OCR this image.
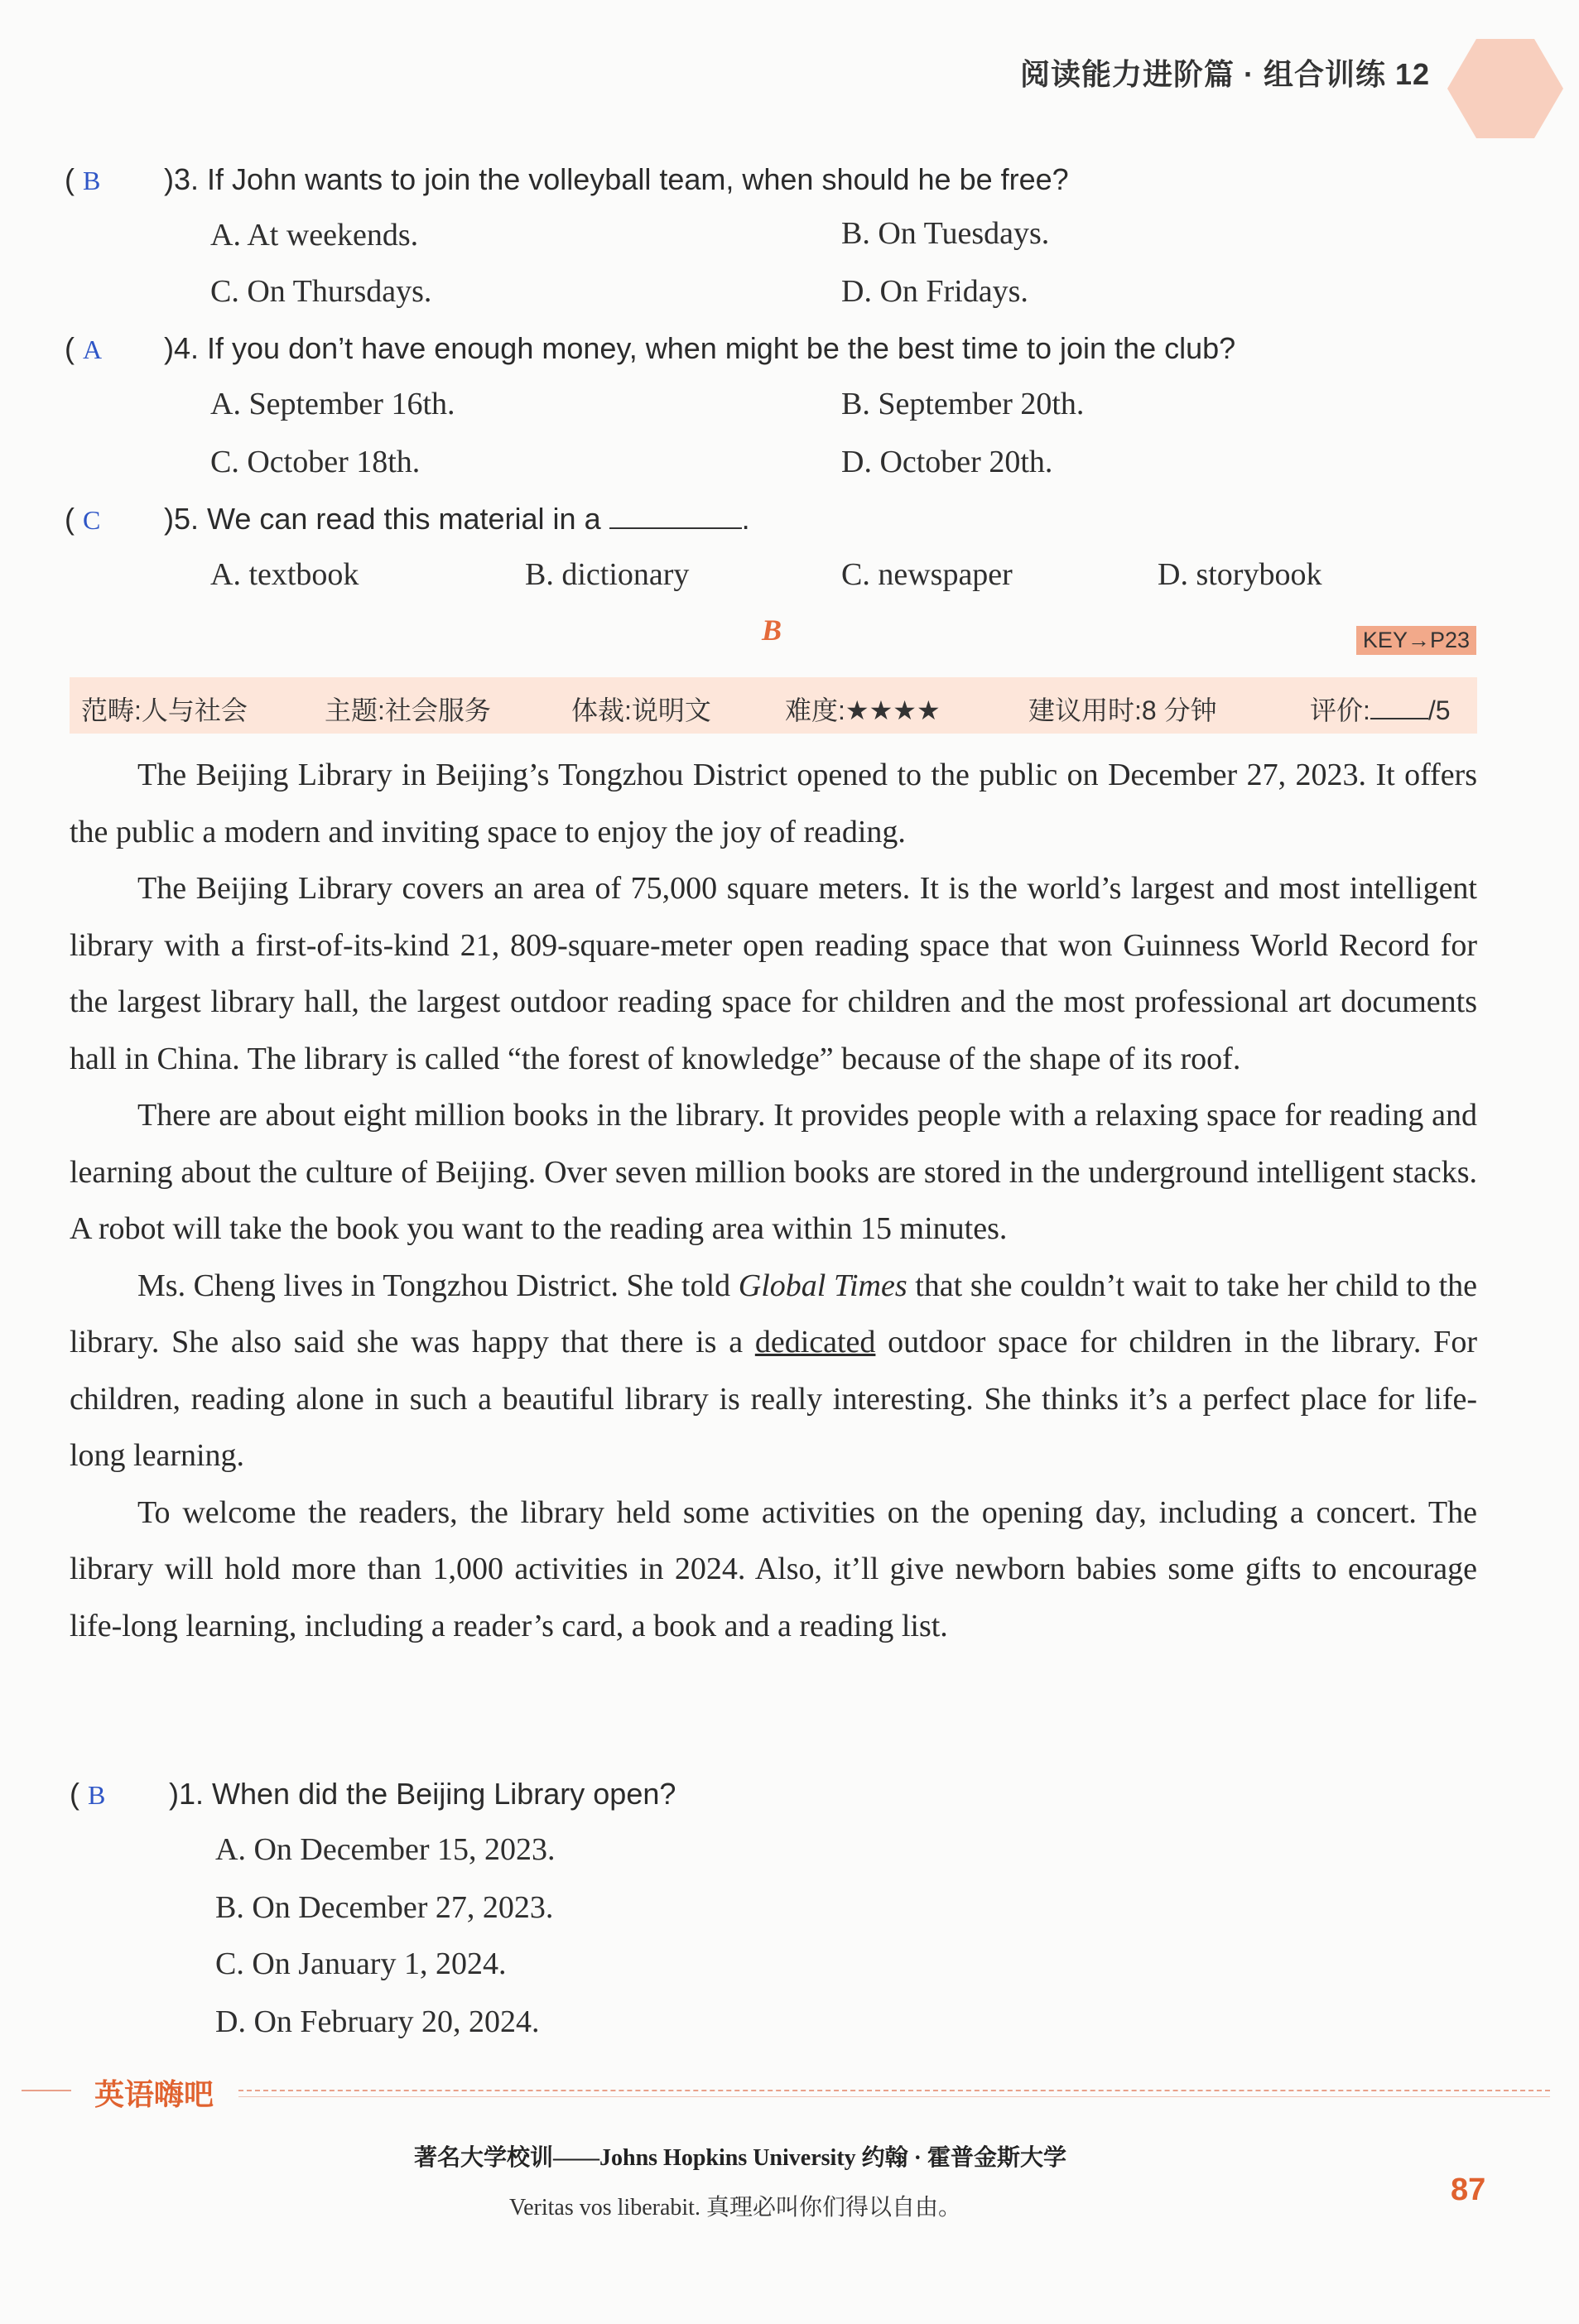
阅读能力进阶篇 · 组合训练 12
( B )3. If John wants to join the volleyball team, when should he be free?
A. At weekends.	B. On Tuesdays.
C. On Thursdays.	D. On Fridays.
( A )4. If you don’t have enough money, when might be the best time to join the club?
A. September 16th.	B. September 20th.
C. October 18th.	D. October 20th.
( C )5. We can read this material in a	.
A. textbook	B. dictionary	C. newspaper	D. storybook
B	KEY→P23
范畴:人与社会	主题:社会服务	体裁:说明文	难度:★★★★	建议用时:8 分钟	评价: /5

The Beijing Library in Beijing’s Tongzhou District opened to the public on December 27, 2023. It offers the public a modern and inviting space to enjoy the joy of reading.

The Beijing Library covers an area of 75,000 square meters. It is the world’s largest and most intelligent library with a first-of-its-kind 21, 809-square-meter open reading space that won Guinness World Record for the largest library hall, the largest outdoor reading space for children and the most professional art documents hall in China. The library is called “the forest of knowledge” because of the shape of its roof.

There are about eight million books in the library. It provides people with a relaxing space for reading and learning about the culture of Beijing. Over seven million books are stored in the underground intelligent stacks. A robot will take the book you want to the reading area within 15 minutes.

Ms. Cheng lives in Tongzhou District. She told Global Times that she couldn’t wait to take her child to the library. She also said she was happy that there is a dedicated outdoor space for children in the library. For children, reading alone in such a beautiful library is really interesting. She thinks it’s a perfect place for life-long learning.

To welcome the readers, the library held some activities on the opening day, including a concert. The library will hold more than 1,000 activities in 2024. Also, it’ll give newborn babies some gifts to encourage life-long learning, including a reader’s card, a book and a reading list.

( B )1. When did the Beijing Library open?
A. On December 15, 2023.
B. On December 27, 2023.
C. On January 1, 2024.
D. On February 20, 2024.
英语嗨吧
著名大学校训——Johns Hopkins University 约翰 · 霍普金斯大学
Veritas vos liberabit. 真理必叫你们得以自由。
87
